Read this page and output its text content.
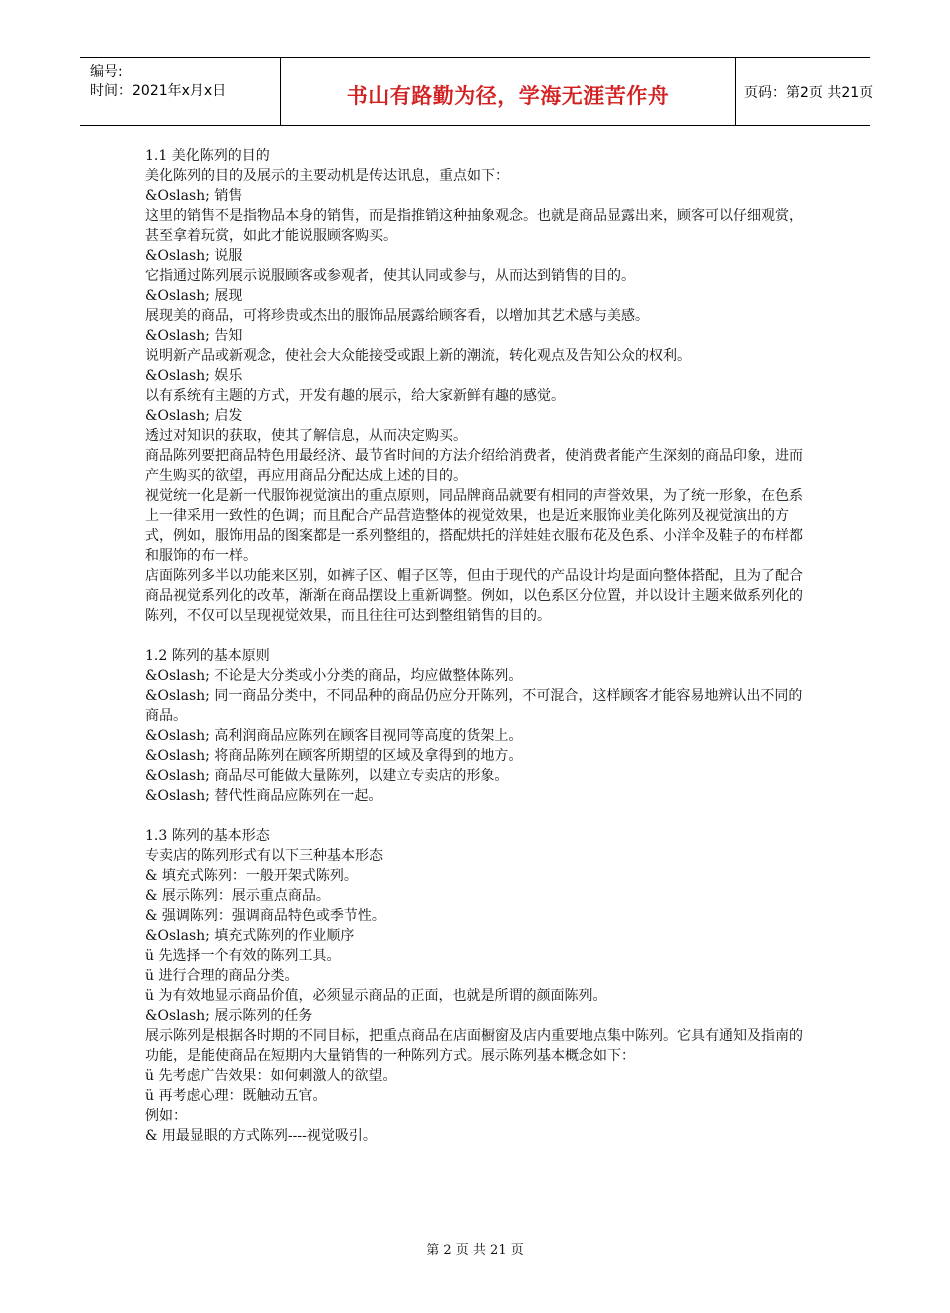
编号:
时间：2021年x月x日	书山有路勤为径，学海无涯苦作舟	页码：第2页 共21页

1.1 美化陈列的目的

美化陈列的目的及展示的主要动机是传达讯息，重点如下：

&Oslash; 销售

这里的销售不是指物品本身的销售，而是指推销这种抽象观念。也就是商品显露出来，顾客可以仔细观赏，甚至拿着玩赏，如此才能说服顾客购买。

&Oslash; 说服

它指通过陈列展示说服顾客或参观者，使其认同或参与，从而达到销售的目的。

&Oslash; 展现

展现美的商品，可将珍贵或杰出的服饰品展露给顾客看，以增加其艺术感与美感。

&Oslash; 告知

说明新产品或新观念，使社会大众能接受或跟上新的潮流，转化观点及告知公众的权利。

&Oslash; 娱乐

以有系统有主题的方式，开发有趣的展示，给大家新鲜有趣的感觉。

&Oslash; 启发

透过对知识的获取，使其了解信息，从而决定购买。

商品陈列要把商品特色用最经济、最节省时间的方法介绍给消费者，使消费者能产生深刻的商品印象，进而产生购买的欲望，再应用商品分配达成上述的目的。

视觉统一化是新一代服饰视觉演出的重点原则，同品牌商品就要有相同的声誉效果，为了统一形象，在色系上一律采用一致性的色调；而且配合产品营造整体的视觉效果，也是近来服饰业美化陈列及视觉演出的方式，例如，服饰用品的图案都是一系列整组的，搭配烘托的洋娃娃衣服布花及色系、小洋伞及鞋子的布样都和服饰的布一样。

店面陈列多半以功能来区别，如裤子区、帽子区等，但由于现代的产品设计均是面向整体搭配，且为了配合商品视觉系列化的改革，渐渐在商品摆设上重新调整。例如，以色系区分位置，并以设计主题来做系列化的陈列，不仅可以呈现视觉效果，而且往往可达到整组销售的目的。

1.2 陈列的基本原则

&Oslash; 不论是大分类或小分类的商品，均应做整体陈列。

&Oslash; 同一商品分类中，不同品种的商品仍应分开陈列，不可混合，这样顾客才能容易地辨认出不同的商品。

&Oslash; 高利润商品应陈列在顾客目视同等高度的货架上。

&Oslash; 将商品陈列在顾客所期望的区域及拿得到的地方。

&Oslash; 商品尽可能做大量陈列，以建立专卖店的形象。

&Oslash; 替代性商品应陈列在一起。

1.3 陈列的基本形态

专卖店的陈列形式有以下三种基本形态

& 填充式陈列：一般开架式陈列。

& 展示陈列：展示重点商品。

& 强调陈列：强调商品特色或季节性。

&Oslash; 填充式陈列的作业顺序

ü 先选择一个有效的陈列工具。

ü 进行合理的商品分类。

ü 为有效地显示商品价值，必须显示商品的正面，也就是所谓的颜面陈列。

&Oslash; 展示陈列的任务

展示陈列是根据各时期的不同目标，把重点商品在店面橱窗及店内重要地点集中陈列。它具有通知及指南的功能，是能使商品在短期内大量销售的一种陈列方式。展示陈列基本概念如下：

ü 先考虑广告效果：如何刺激人的欲望。

ü 再考虑心理：既触动五官。

例如：

& 用最显眼的方式陈列----视觉吸引。

第 2 页 共 21 页
